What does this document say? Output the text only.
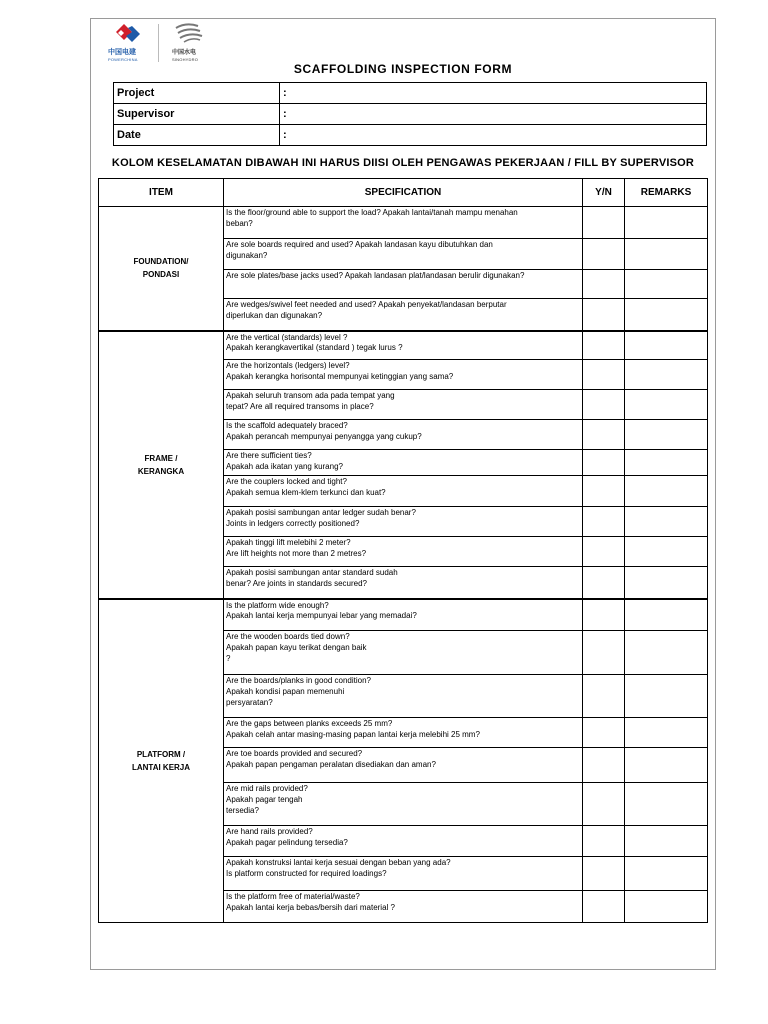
中国电建
POWERCHINA
中国水电
SINOHYDRO
SCAFFOLDING INSPECTION FORM
Project	:
Supervisor	:
Date	:
KOLOM KESELAMATAN DIBAWAH INI HARUS DIISI OLEH PENGAWAS PEKERJAAN / FILL BY SUPERVISOR
ITEM	SPECIFICATION	Y/N	REMARKS
FOUNDATION/
PONDASI	Is the floor/ground able to support the load? Apakah lantai/tanah mampu menahan
beban?		
	Are sole boards required and used? Apakah landasan kayu dibutuhkan dan
digunakan?		
	Are sole plates/base jacks used? Apakah landasan plat/landasan berulir digunakan?		
	Are wedges/swivel feet needed and used? Apakah penyekat/landasan berputar
diperlukan dan digunakan?		
FRAME /
KERANGKA	Are the vertical (standards) level ?
Apakah kerangkavertikal (standard ) tegak lurus ?		
	Are the horizontals (ledgers) level?
Apakah kerangka horisontal mempunyai ketinggian yang sama?		
	Apakah seluruh transom ada pada tempat yang
tepat? Are all required transoms in place?		
	Is the scaffold adequately braced?
Apakah perancah mempunyai penyangga yang cukup?		
	Are there sufficient ties?
Apakah ada ikatan yang kurang?		
	Are the couplers locked and tight?
Apakah semua klem-klem terkunci dan kuat?		
	Apakah posisi sambungan antar ledger sudah benar?
Joints in ledgers correctly positioned?		
	Apakah tinggi lift melebihi 2 meter?
Are lift heights not more than 2 metres?		
	Apakah posisi sambungan antar standard sudah
benar? Are joints in standards secured?		
PLATFORM /
LANTAI KERJA	Is the platform wide enough?
Apakah lantai kerja mempunyai lebar yang memadai?		
	Are the wooden boards tied down?
Apakah papan kayu terikat dengan baik
?		
	Are the boards/planks in good condition?
Apakah kondisi papan memenuhi
persyaratan?		
	Are the gaps between planks exceeds 25 mm?
Apakah celah antar masing-masing papan lantai kerja melebihi 25 mm?		
	Are toe boards provided and secured?
Apakah papan pengaman peralatan disediakan dan aman?		
	Are mid rails provided?
Apakah pagar tengah
tersedia?		
	Are hand rails provided?
Apakah pagar pelindung tersedia?		
	Apakah konstruksi lantai kerja sesuai dengan beban yang ada?
Is platform constructed for required loadings?		
	Is the platform free of material/waste?
Apakah lantai kerja bebas/bersih dari material ?		
